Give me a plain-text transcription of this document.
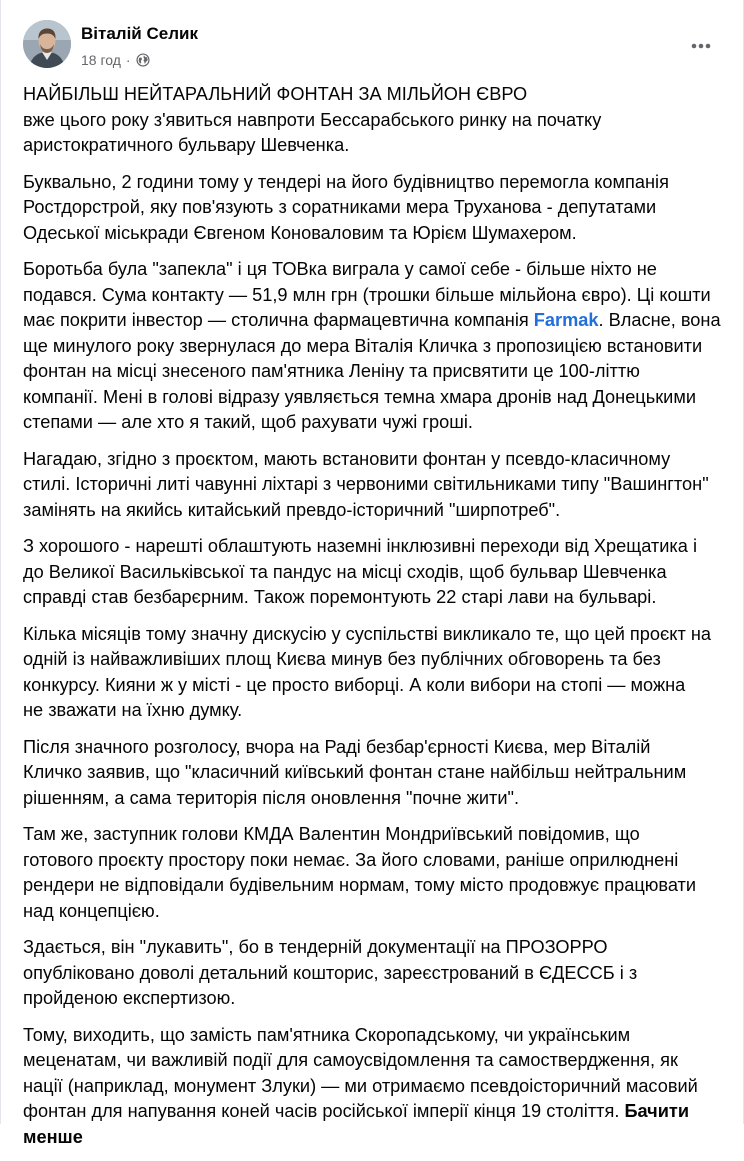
Віталій Селик
18 год ·

НАЙБІЛЬШ НЕЙТАРАЛЬНИЙ ФОНТАН ЗА МІЛЬЙОН ЄВРО
вже цього року з'явиться навпроти Бессарабського ринку на початку
аристократичного бульвару Шевченка.

Буквально, 2 години тому у тендері на його будівництво перемогла компанія
Ростдорстрой, яку пов'язують з соратниками мера Труханова - депутатами
Одеської міськради Євгеном Коноваловим та Юрієм Шумахером.

Боротьба була "запекла" і ця ТОВка виграла у самої себе - більше ніхто не
подався. Сума контакту — 51,9 млн грн (трошки більше мільйона євро). Ці кошти
має покрити інвестор — столична фармацевтична компанія Farmak. Власне, вона
ще минулого року звернулася до мера Віталія Кличка з пропозицією встановити
фонтан на місці знесеного пам'ятника Леніну та присвятити це 100-літтю
компанії. Мені в голові відразу уявляється темна хмара дронів над Донецькими
степами — але хто я такий, щоб рахувати чужі гроші.

Нагадаю, згідно з проєктом, мають встановити фонтан у псевдо-класичному
стилі. Історичні литі чавунні ліхтарі з червоними світильниками типу "Вашингтон"
замінять на якийсь китайський превдо-історичний "ширпотреб".

З хорошого - нарешті облаштують наземні інклюзивні переходи від Хрещатика і
до Великої Васильківської та пандус на місці сходів, щоб бульвар Шевченка
справді став безбарєрним. Також поремонтують 22 старі лави на бульварі.

Кілька місяців тому значну дискусію у суспільстві викликало те, що цей проєкт на
одній із найважливіших площ Києва минув без публічних обговорень та без
конкурсу. Кияни ж у місті - це просто виборці. А коли вибори на стопі — можна
не зважати на їхню думку.

Після значного розголосу, вчора на Раді безбар'єрності Києва, мер Віталій
Кличко заявив, що "класичний київський фонтан стане найбільш нейтральним
рішенням, а сама територія після оновлення "почне жити".

Там же, заступник голови КМДА Валентин Мондриївський повідомив, що
готового проєкту простору поки немає. За його словами, раніше оприлюднені
рендери не відповідали будівельним нормам, тому місто продовжує працювати
над концепцією.

Здається, він "лукавить", бо в тендерній документації на ПРОЗОРРО
опубліковано доволі детальний кошторис, зареєстрований в ЄДЕССБ і з
пройденою експертизою.

Тому, виходить, що замість пам'ятника Скоропадському, чи українським
меценатам, чи важливій події для самоусвідомлення та самоствердження, як
нації (наприклад, монумент Злуки) — ми отримаємо псевдоісторичний масовий
фонтан для напування коней часів російської імперії кінця 19 століття. Бачити
менше
